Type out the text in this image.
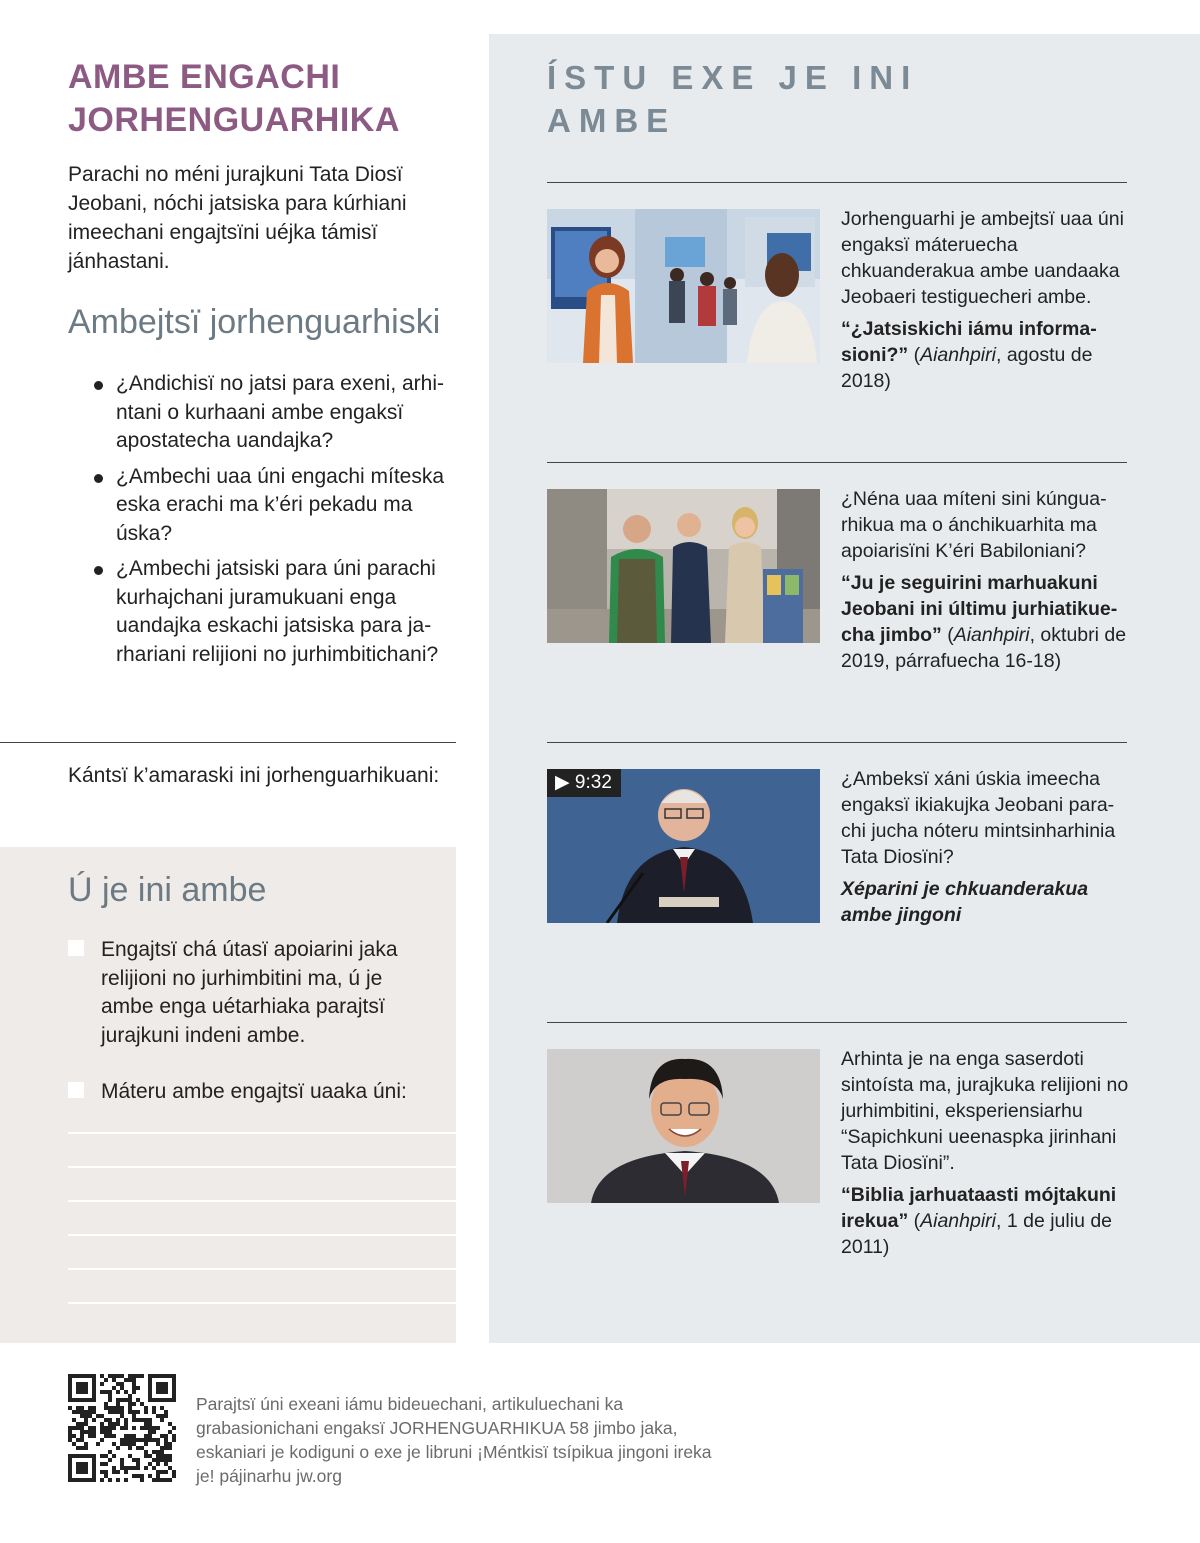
AMBE ENGACHI JORHENGUARHIKA

Parachi no méni jurajkuni Tata Diosï Jeobani, nóchi jatsiska para kúrhiani imeechani engajtsïni uéjka támisï jánhastani.

Ambejtsï jorhenguarhiski
¿Andichisï no jatsi para exeni, arhintani o kurhaani ambe engaksï apostatecha uandajka?
¿Ambechi uaa úni engachi míteska eska erachi ma k’éri pekadu ma úska?
¿Ambechi jatsiski para úni parachi kurhajchani juramukuani enga uandajka eskachi jatsiska para jarhariani relijioni no jurhimbitichani?

Kántsï k’amaraski ini jorhenguarhikuani:

Ú je ini ambe
Engajtsï chá útasï apoiarini jaka relijioni no jurhimbitini ma, ú je ambe enga uétarhiaka parajtsï jurajkuni indeni ambe.
Máteru ambe engajtsï uaaka úni:
ÍSTU EXE JE INI AMBE

Jorhenguarhi je ambejtsï uaa úni engaksï máteruecha chkuanderakua ambe uandaaka Jeobaeri testiguecheri ambe.

“¿Jatsiskichi iámu informasioni?” (Aianhpiri, agostu de 2018)

¿Néna uaa míteni sini kúnguarhikua ma o ánchikuarhita ma apoiarisïni K’éri Babiloniani?

“Ju je seguirini marhuakuni Jeobani ini últimu jurhiatikuecha jimbo” (Aianhpiri, oktubri de 2019, párrafuecha 16-18)

▶ 9:32	¿Ambeksï xáni úskia imeecha engaksï ikiakujka Jeobani parachi jucha nóteru mintsinharhinia Tata Diosïni?

Xéparini je chkuanderakua ambe jingoni

Arhinta je na enga saserdoti sintoísta ma, jurajkuka relijioni no jurhimbitini, eksperiensiarhu “Sapichkuni ueenaspka jirinhani Tata Diosïni”.

“Biblia jarhuataasti mójtakuni irekua” (Aianhpiri, 1 de juliu de 2011)

Parajtsï úni exeani iámu bideuechani, artikuluechani ka grabasionichani engaksï JORHENGUARHIKUA 58 jimbo jaka, eskaniari je kodiguni o exe je libruni ¡Méntkisï tsípikua jingoni ireka je! pájinarhu jw.org
